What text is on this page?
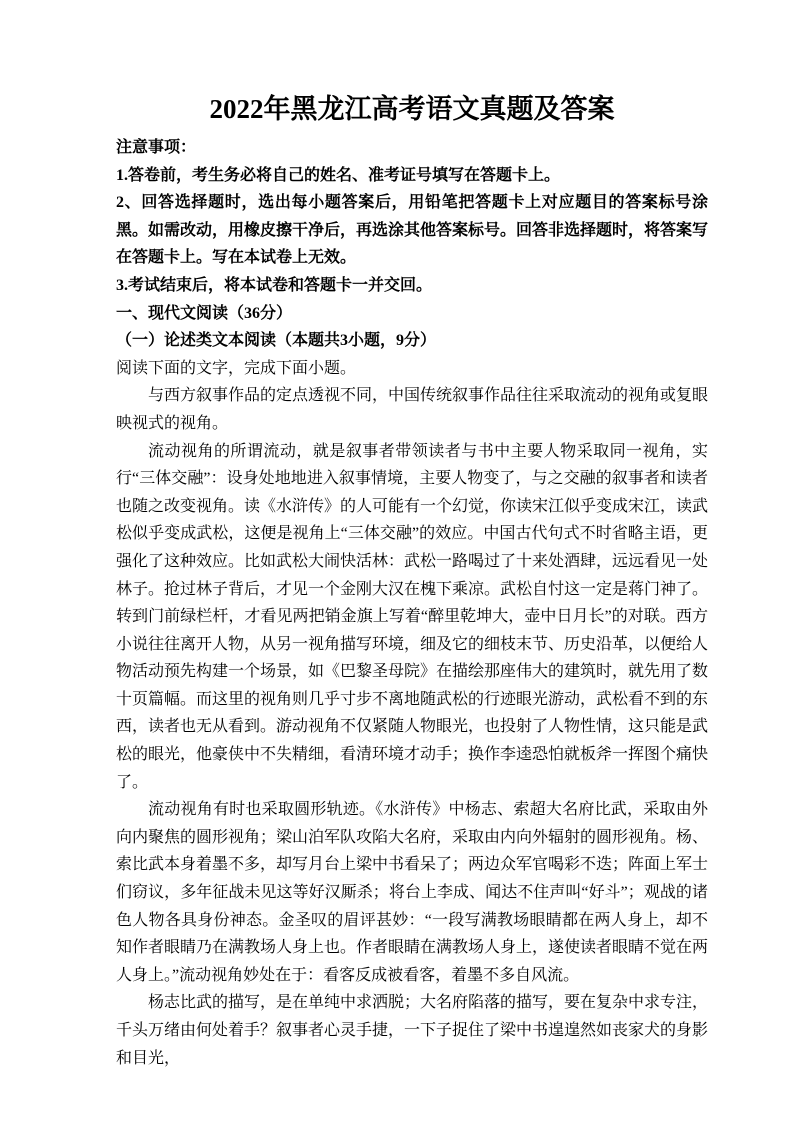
2022年黑龙江高考语文真题及答案

注意事项：

1.答卷前，考生务必将自己的姓名、准考证号填写在答题卡上。

2、回答选择题时，选出每小题答案后，用铅笔把答题卡上对应题目的答案标号涂黑。如需改动，用橡皮擦干净后，再选涂其他答案标号。回答非选择题时，将答案写在答题卡上。写在本试卷上无效。

3.考试结束后，将本试卷和答题卡一并交回。

一、现代文阅读（36分）

（一）论述类文本阅读（本题共3小题，9分）

阅读下面的文字，完成下面小题。

与西方叙事作品的定点透视不同，中国传统叙事作品往往采取流动的视角或复眼映视式的视角。

流动视角的所谓流动，就是叙事者带领读者与书中主要人物采取同一视角，实行“三体交融”：设身处地地进入叙事情境，主要人物变了，与之交融的叙事者和读者也随之改变视角。读《水浒传》的人可能有一个幻觉，你读宋江似乎变成宋江，读武松似乎变成武松，这便是视角上“三体交融”的效应。中国古代句式不时省略主语，更强化了这种效应。比如武松大闹快活林：武松一路喝过了十来处酒肆，远远看见一处林子。抢过林子背后，才见一个金刚大汉在槐下乘凉。武松自忖这一定是蒋门神了。转到门前绿栏杆，才看见两把销金旗上写着“醉里乾坤大，壶中日月长”的对联。西方小说往往离开人物，从另一视角描写环境，细及它的细枝末节、历史沿革，以便给人物活动预先构建一个场景，如《巴黎圣母院》在描绘那座伟大的建筑时，就先用了数十页篇幅。而这里的视角则几乎寸步不离地随武松的行迹眼光游动，武松看不到的东西，读者也无从看到。游动视角不仅紧随人物眼光，也投射了人物性情，这只能是武松的眼光，他豪侠中不失精细，看清环境才动手；换作李逵恐怕就板斧一挥图个痛快了。

流动视角有时也采取圆形轨迹。《水浒传》中杨志、索超大名府比武，采取由外向内聚焦的圆形视角；梁山泊军队攻陷大名府，采取由内向外辐射的圆形视角。杨、索比武本身着墨不多，却写月台上梁中书看呆了；两边众军官喝彩不迭；阵面上军士们窃议，多年征战未见这等好汉厮杀；将台上李成、闻达不住声叫“好斗”；观战的诸色人物各具身份神态。金圣叹的眉评甚妙：“一段写满教场眼睛都在两人身上，却不知作者眼睛乃在满教场人身上也。作者眼睛在满教场人身上，遂使读者眼睛不觉在两人身上。”流动视角妙处在于：看客反成被看客，着墨不多自风流。

杨志比武的描写，是在单纯中求洒脱；大名府陷落的描写，要在复杂中求专注，千头万绪由何处着手？叙事者心灵手捷，一下子捉住了梁中书遑遑然如丧家犬的身影和目光，
